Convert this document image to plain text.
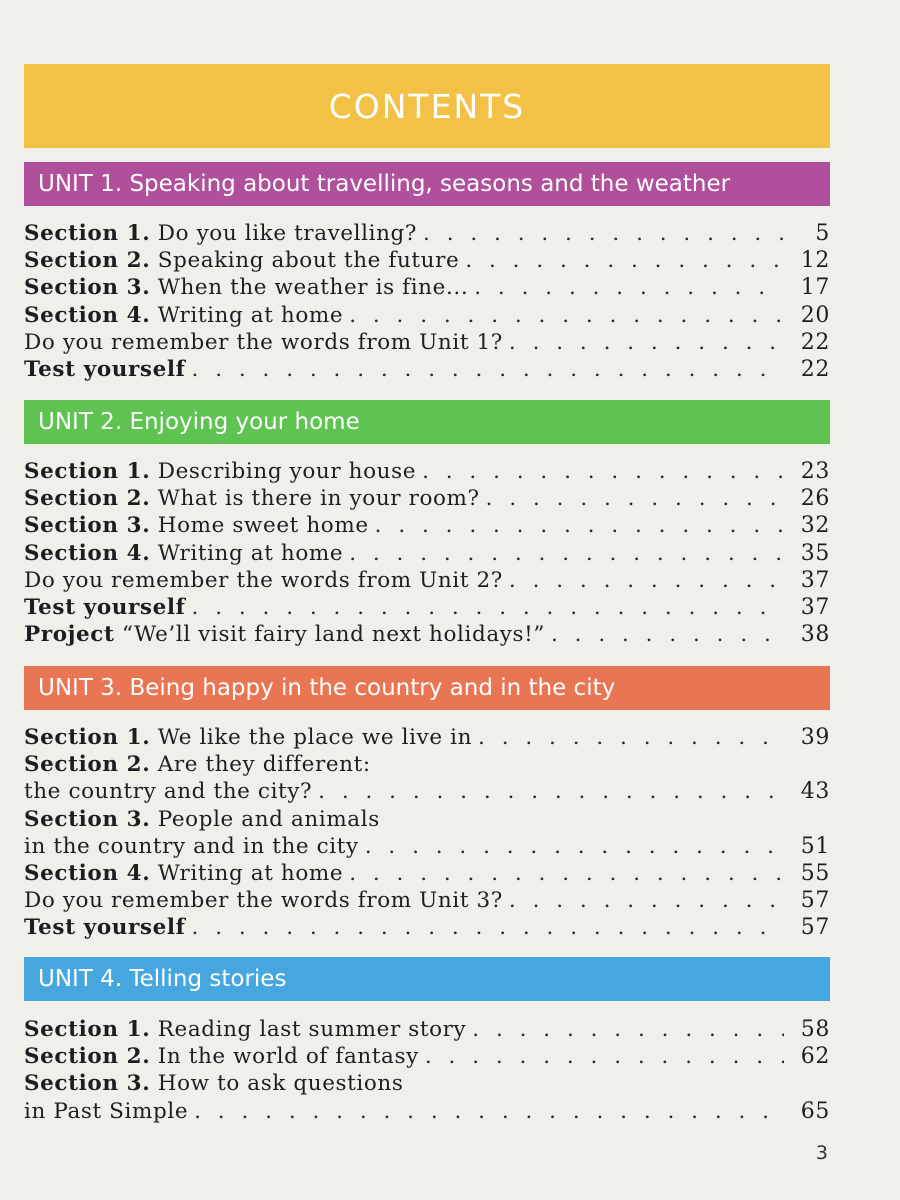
CONTENTS
UNIT 1. Speaking about travelling, seasons and the weather
Section 1. Do you like travelling? . . .	5
Section 2. Speaking about the future . . .	12
Section 3. When the weather is fine... . . .	17
Section 4. Writing at home . . .	20
Do you remember the words from Unit 1? . . .	22
Test yourself . . .	22
UNIT 2. Enjoying your home
Section 1. Describing your house . . .	23
Section 2. What is there in your room? . . .	26
Section 3. Home sweet home . . .	32
Section 4. Writing at home . . .	35
Do you remember the words from Unit 2? . . .	37
Test yourself . . .	37
Project “We’ll visit fairy land next holidays!” . . .	38
UNIT 3. Being happy in the country and in the city
Section 1. We like the place we live in . . .	39
Section 2. Are they different:
the country and the city? . . .	43
Section 3. People and animals
in the country and in the city . . .	51
Section 4. Writing at home . . .	55
Do you remember the words from Unit 3? . . .	57
Test yourself . . .	57
UNIT 4. Telling stories
Section 1. Reading last summer story . . .	58
Section 2. In the world of fantasy . . .	62
Section 3. How to ask questions
in Past Simple . . .	65
3
